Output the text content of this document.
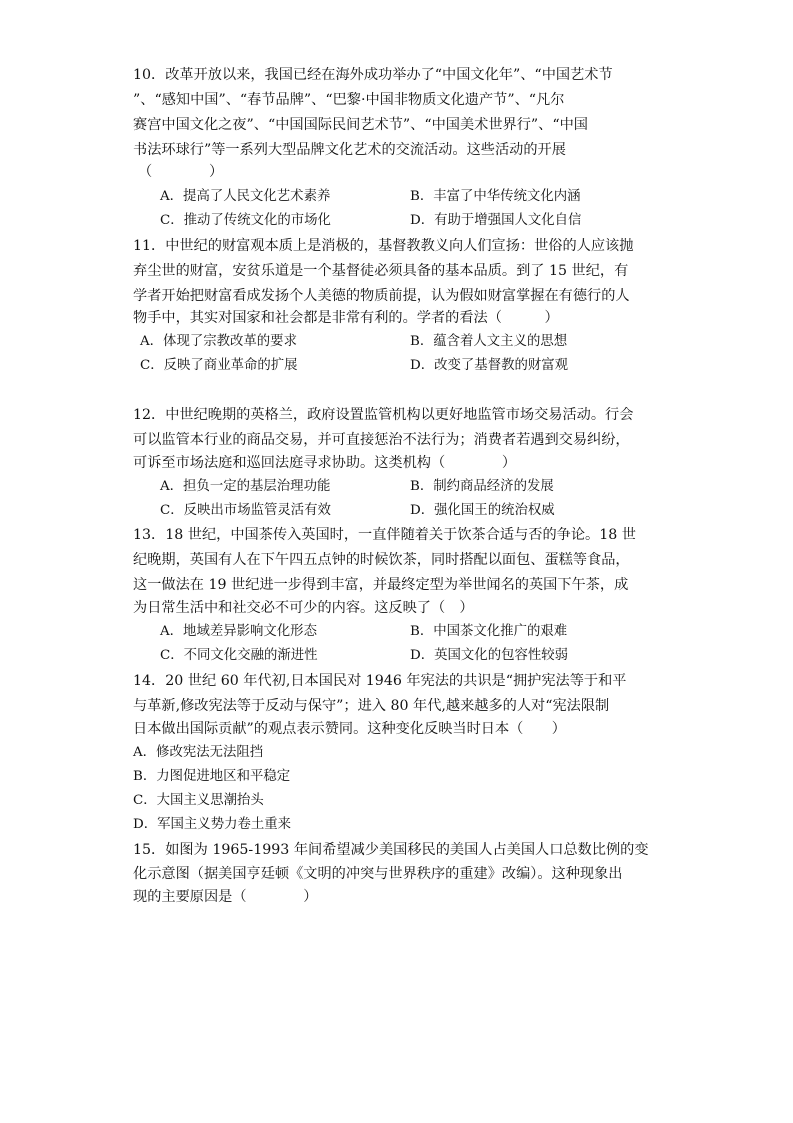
10．改革开放以来，我国已经在海外成功举办了“中国文化年”、“中国艺术节
”、“感知中国”、“春节品牌”、“巴黎·中国非物质文化遗产节”、“凡尔
赛宫中国文化之夜”、“中国国际民间艺术节”、“中国美术世界行”、“中国
书法环球行”等一系列大型品牌文化艺术的交流活动。这些活动的开展
（　　　　）
A．提高了人民文化艺术素养	B．丰富了中华传统文化内涵
C．推动了传统文化的市场化	D．有助于增强国人文化自信
11．中世纪的财富观本质上是消极的，基督教教义向人们宣扬：世俗的人应该抛
弃尘世的财富，安贫乐道是一个基督徒必须具备的基本品质。到了 15 世纪，有
学者开始把财富看成发扬个人美德的物质前提，认为假如财富掌握在有德行的人
物手中，其实对国家和社会都是非常有利的。学者的看法（　　　）
A．体现了宗教改革的要求	B．蕴含着人文主义的思想
C．反映了商业革命的扩展	D．改变了基督教的财富观
12．中世纪晚期的英格兰，政府设置监管机构以更好地监管市场交易活动。行会
可以监管本行业的商品交易，并可直接惩治不法行为；消费者若遇到交易纠纷，
可诉至市场法庭和巡回法庭寻求协助。这类机构（　　　　）
A．担负一定的基层治理功能	B．制约商品经济的发展
C．反映出市场监管灵活有效	D．强化国王的统治权威
13．18 世纪，中国茶传入英国时，一直伴随着关于饮茶合适与否的争论。18 世
纪晚期，英国有人在下午四五点钟的时候饮茶，同时搭配以面包、蛋糕等食品，
这一做法在 19 世纪进一步得到丰富，并最终定型为举世闻名的英国下午茶，成
为日常生活中和社交必不可少的内容。这反映了（　）
A．地域差异影响文化形态	B．中国茶文化推广的艰难
C．不同文化交融的渐进性	D．英国文化的包容性较弱
14．20 世纪 60 年代初,日本国民对 1946 年宪法的共识是“拥护宪法等于和平
与革新,修改宪法等于反动与保守”；进入 80 年代,越来越多的人对“宪法限制
日本做出国际贡献”的观点表示赞同。这种变化反映当时日本（　　）
A．修改宪法无法阻挡
B．力图促进地区和平稳定
C．大国主义思潮抬头
D．军国主义势力卷土重来
15．如图为 1965-1993 年间希望减少美国移民的美国人占美国人口总数比例的变
化示意图（据美国亨廷顿《文明的冲突与世界秩序的重建》改编）。这种现象出
现的主要原因是（　　　　）
